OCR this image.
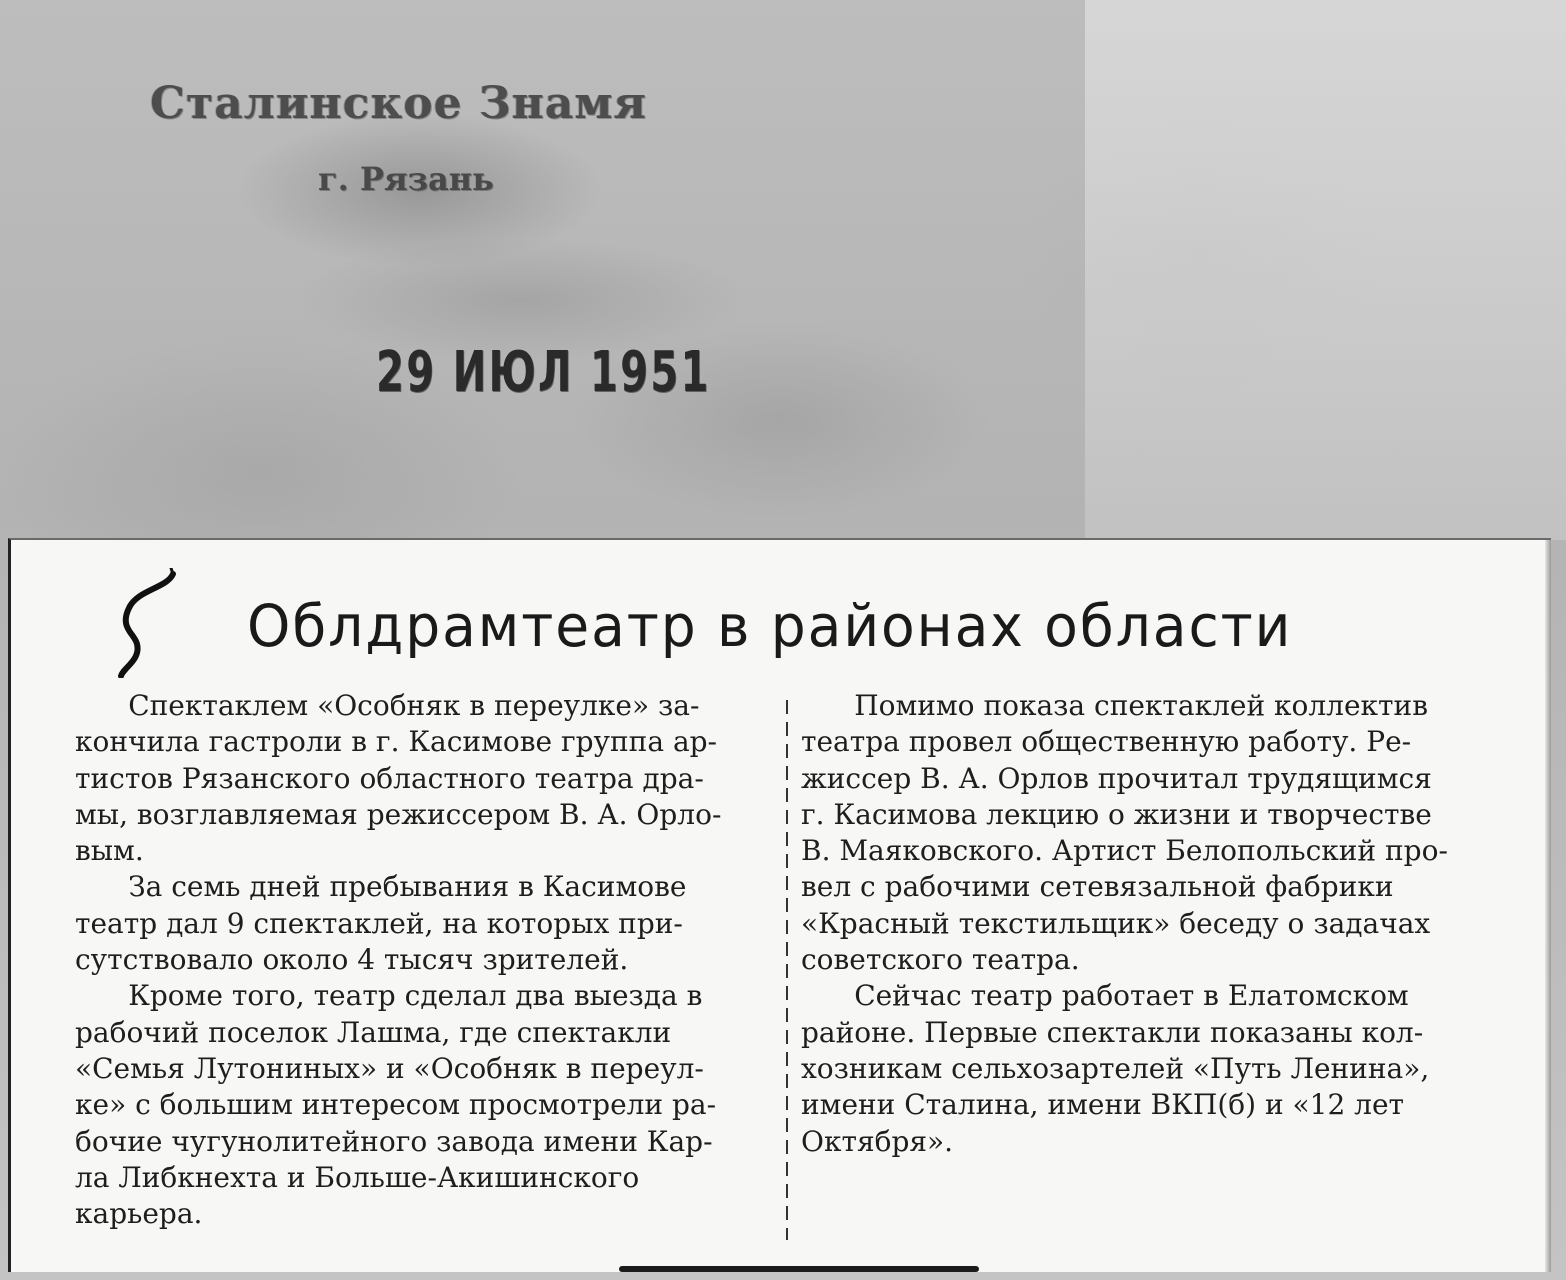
Сталинское Знамя
г. Рязань
29 ИЮЛ 1951
Облдрамтеатр в районах области

Спектаклем «Особняк в переулке» за-
кончила гастроли в г. Касимове группа ар-
тистов Рязанского областного театра дра-
мы, возглавляемая режиссером В. А. Орло-
вым.

За семь дней пребывания в Касимове
театр дал 9 спектаклей, на которых при-
сутствовало около 4 тысяч зрителей.

Кроме того, театр сделал два выезда в
рабочий поселок Лашма, где спектакли
«Семья Лутониных» и «Особняк в переул-
ке» с большим интересом просмотрели ра-
бочие чугунолитейного завода имени Кар-
ла Либкнехта и Больше-Акишинского
карьера.

Помимо показа спектаклей коллектив
театра провел общественную работу. Ре-
жиссер В. А. Орлов прочитал трудящимся
г. Касимова лекцию о жизни и творчестве
В. Маяковского. Артист Белопольский про-
вел с рабочими сетевязальной фабрики
«Красный текстильщик» беседу о задачах
советского театра.

Сейчас театр работает в Елатомском
районе. Первые спектакли показаны кол-
хозникам сельхозартелей «Путь Ленина»,
имени Сталина, имени ВКП(б) и «12 лет
Октября».
